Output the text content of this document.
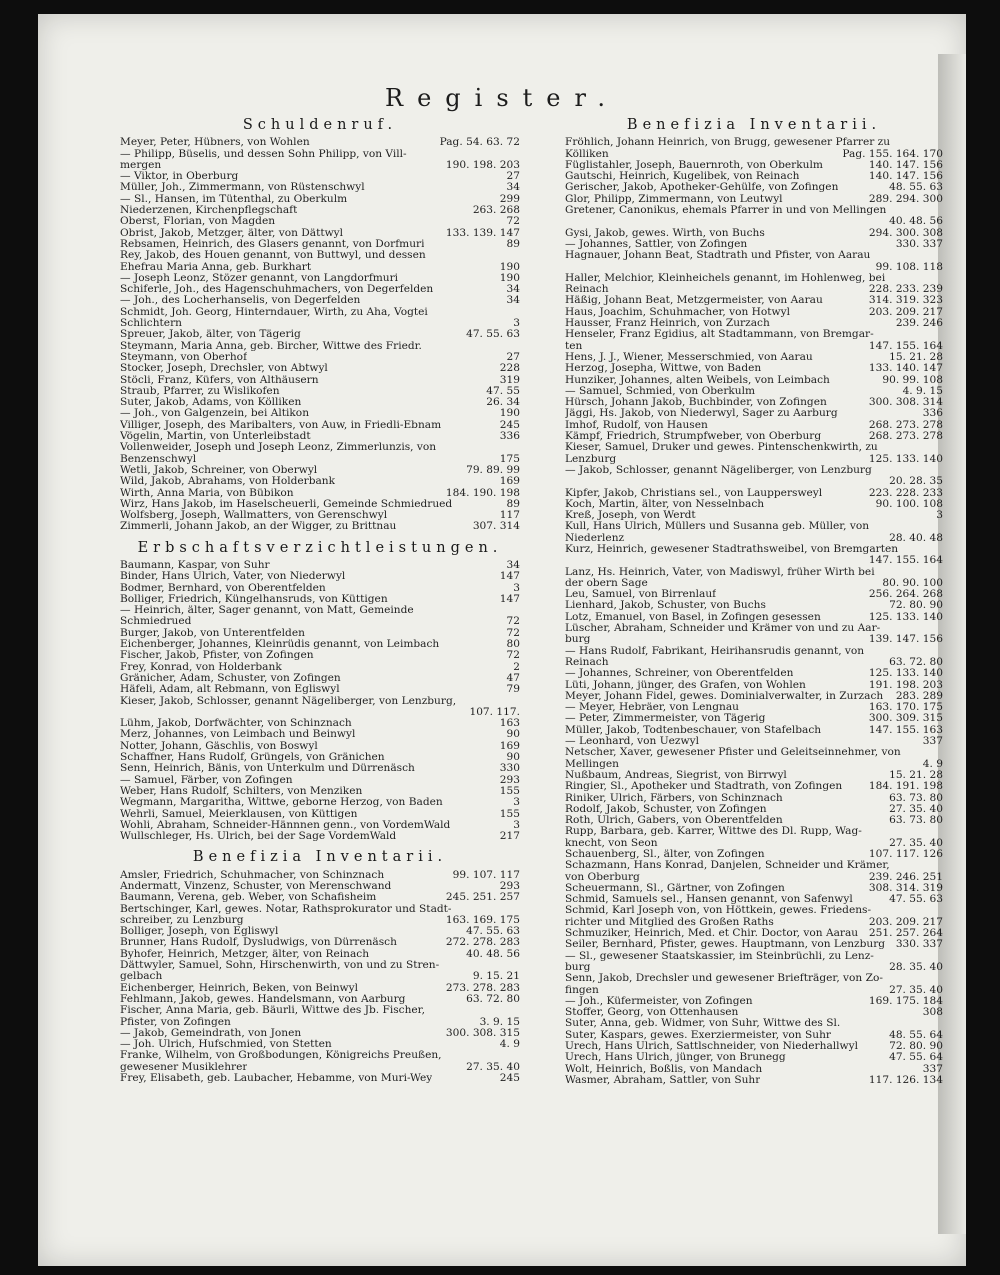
Register.
Schuldenruf.
Meyer, Peter, Hübners, von Wohlen	Pag. 54. 63. 72
— Philipp, Büselis, und dessen Sohn Philipp, von Vill-
mergen	190. 198. 203
— Viktor, in Oberburg	27
Müller, Joh., Zimmermann, von Rüstenschwyl	34
— Sl., Hansen, im Tütenthal, zu Oberkulm	299
Niederzenen, Kirchenpflegschaft	263. 268
Oberst, Florian, von Magden	72
Obrist, Jakob, Metzger, älter, von Dättwyl	133. 139. 147
Rebsamen, Heinrich, des Glasers genannt, von Dorfmuri	89
Rey, Jakob, des Houen genannt, von Buttwyl, und dessen
Ehefrau Maria Anna, geb. Burkhart	190
— Joseph Leonz, Stözer genannt, von Langdorfmuri	190
Schiferle, Joh., des Hagenschuhmachers, von Degerfelden	34
— Joh., des Locherhanselis, von Degerfelden	34
Schmidt, Joh. Georg, Hinterndauer, Wirth, zu Aha, Vogtei
Schlichtern	3
Spreuer, Jakob, älter, von Tägerig	47. 55. 63
Steymann, Maria Anna, geb. Bircher, Wittwe des Friedr.
Steymann, von Oberhof	27
Stocker, Joseph, Drechsler, von Abtwyl	228
Stöcli, Franz, Küfers, von Althäusern	319
Straub, Pfarrer, zu Wislikofen	47. 55
Suter, Jakob, Adams, von Kölliken	26. 34
— Joh., von Galgenzein, bei Altikon	190
Villiger, Joseph, des Maribalters, von Auw, in Friedli-Ebnam	245
Vögelin, Martin, von Unterleibstadt	336
Vollenweider, Joseph und Joseph Leonz, Zimmerlunzis, von
Benzenschwyl	175
Wetli, Jakob, Schreiner, von Oberwyl	79. 89. 99
Wild, Jakob, Abrahams, von Holderbank	169
Wirth, Anna Maria, von Bübikon	184. 190. 198
Wirz, Hans Jakob, im Haselscheuerli, Gemeinde Schmiedrued	89
Wolfsberg, Joseph, Wallmatters, von Gerenschwyl	117
Zimmerli, Johann Jakob, an der Wigger, zu Brittnau	307. 314
Erbschaftsverzichtleistungen.
Baumann, Kaspar, von Suhr	34
Binder, Hans Ulrich, Vater, von Niederwyl	147
Bodmer, Bernhard, von Oberentfelden	3
Bolliger, Friedrich, Küngelhansruds, von Küttigen	147
— Heinrich, älter, Sager genannt, von Matt, Gemeinde
Schmiedrued	72
Burger, Jakob, von Unterentfelden	72
Eichenberger, Johannes, Kleinrüdis genannt, von Leimbach	80
Fischer, Jakob, Pfister, von Zofingen	72
Frey, Konrad, von Holderbank	2
Gränicher, Adam, Schuster, von Zofingen	47
Häfeli, Adam, alt Rebmann, von Egliswyl	79
Kieser, Jakob, Schlosser, genannt Nägeliberger, von Lenzburg,
107. 117.
Lühm, Jakob, Dorfwächter, von Schinznach	163
Merz, Johannes, von Leimbach und Beinwyl	90
Notter, Johann, Gäschlis, von Boswyl	169
Schaffner, Hans Rudolf, Grüngels, von Gränichen	90
Senn, Heinrich, Bänis, von Unterkulm und Dürrenäsch	330
— Samuel, Färber, von Zofingen	293
Weber, Hans Rudolf, Schilters, von Menziken	155
Wegmann, Margaritha, Wittwe, geborne Herzog, von Baden	3
Wehrli, Samuel, Meierklausen, von Küttigen	155
Wohli, Abraham, Schneider-Hännnen genn., von VordemWald	3
Wullschleger, Hs. Ulrich, bei der Sage VordemWald	217
Benefizia Inventarii.
Amsler, Friedrich, Schuhmacher, von Schinznach	99. 107. 117
Andermatt, Vinzenz, Schuster, von Merenschwand	293
Baumann, Verena, geb. Weber, von Schafisheim	245. 251. 257
Bertschinger, Karl, gewes. Notar, Rathsprokurator und Stadt-
schreiber, zu Lenzburg	163. 169. 175
Bolliger, Joseph, von Egliswyl	47. 55. 63
Brunner, Hans Rudolf, Dysludwigs, von Dürrenäsch	272. 278. 283
Byhofer, Heinrich, Metzger, älter, von Reinach	40. 48. 56
Dättwyler, Samuel, Sohn, Hirschenwirth, von und zu Stren-
gelbach	9. 15. 21
Eichenberger, Heinrich, Beken, von Beinwyl	273. 278. 283
Fehlmann, Jakob, gewes. Handelsmann, von Aarburg	63. 72. 80
Fischer, Anna Maria, geb. Bäurli, Wittwe des Jb. Fischer,
Pfister, von Zofingen	3. 9. 15
— Jakob, Gemeindrath, von Jonen	300. 308. 315
— Joh. Ulrich, Hufschmied, von Stetten	4. 9
Franke, Wilhelm, von Großbodungen, Königreichs Preußen,
gewesener Musiklehrer	27. 35. 40
Frey, Elisabeth, geb. Laubacher, Hebamme, von Muri-Wey	245
Benefizia Inventarii.
Fröhlich, Johann Heinrich, von Brugg, gewesener Pfarrer zu
Kölliken	Pag. 155. 164. 170
Füglistahler, Joseph, Bauernroth, von Oberkulm	140. 147. 156
Gautschi, Heinrich, Kugelibek, von Reinach	140. 147. 156
Gerischer, Jakob, Apotheker-Gehülfe, von Zofingen	48. 55. 63
Glor, Philipp, Zimmermann, von Leutwyl	289. 294. 300
Gretener, Canonikus, ehemals Pfarrer in und von Mellingen
40. 48. 56
Gysi, Jakob, gewes. Wirth, von Buchs	294. 300. 308
— Johannes, Sattler, von Zofingen	330. 337
Hagnauer, Johann Beat, Stadtrath und Pfister, von Aarau
99. 108. 118
Haller, Melchior, Kleinheichels genannt, im Hohlenweg, bei
Reinach	228. 233. 239
Häßig, Johann Beat, Metzgermeister, von Aarau	314. 319. 323
Haus, Joachim, Schuhmacher, von Hotwyl	203. 209. 217
Hausser, Franz Heinrich, von Zurzach	239. 246
Henseler, Franz Egidius, alt Stadtammann, von Bremgar-
ten	147. 155. 164
Hens, J. J., Wiener, Messerschmied, von Aarau	15. 21. 28
Herzog, Josepha, Wittwe, von Baden	133. 140. 147
Hunziker, Johannes, alten Weibels, von Leimbach	90. 99. 108
— Samuel, Schmied, von Oberkulm	4. 9. 15
Hürsch, Johann Jakob, Buchbinder, von Zofingen	300. 308. 314
Jäggi, Hs. Jakob, von Niederwyl, Sager zu Aarburg	336
Imhof, Rudolf, von Hausen	268. 273. 278
Kämpf, Friedrich, Strumpfweber, von Oberburg	268. 273. 278
Kieser, Samuel, Druker und gewes. Pintenschenkwirth, zu
Lenzburg	125. 133. 140
— Jakob, Schlosser, genannt Nägeliberger, von Lenzburg
20. 28. 35
Kipfer, Jakob, Christians sel., von Lauppersweyl	223. 228. 233
Koch, Martin, älter, von Nesselnbach	90. 100. 108
Kreß, Joseph, von Werdt	3
Kull, Hans Ulrich, Müllers und Susanna geb. Müller, von
Niederlenz	28. 40. 48
Kurz, Heinrich, gewesener Stadtrathsweibel, von Bremgarten
147. 155. 164
Lanz, Hs. Heinrich, Vater, von Madiswyl, früher Wirth bei
der obern Sage	80. 90. 100
Leu, Samuel, von Birrenlauf	256. 264. 268
Lienhard, Jakob, Schuster, von Buchs	72. 80. 90
Lotz, Emanuel, von Basel, in Zofingen gesessen	125. 133. 140
Lüscher, Abraham, Schneider und Krämer von und zu Aar-
burg	139. 147. 156
— Hans Rudolf, Fabrikant, Heirihansrudis genannt, von
Reinach	63. 72. 80
— Johannes, Schreiner, von Oberentfelden	125. 133. 140
Lüti, Johann, jünger, des Grafen, von Wohlen	191. 198. 203
Meyer, Johann Fidel, gewes. Dominialverwalter, in Zurzach	283. 289
— Meyer, Hebräer, von Lengnau	163. 170. 175
— Peter, Zimmermeister, von Tägerig	300. 309. 315
Müller, Jakob, Todtenbeschauer, von Stafelbach	147. 155. 163
— Leonhard, von Uezwyl	337
Netscher, Xaver, gewesener Pfister und Geleitseinnehmer, von
Mellingen	4. 9
Nußbaum, Andreas, Siegrist, von Birrwyl	15. 21. 28
Ringier, Sl., Apotheker und Stadtrath, von Zofingen	184. 191. 198
Riniker, Ulrich, Färbers, von Schinznach	63. 73. 80
Rodolf, Jakob, Schuster, von Zofingen	27. 35. 40
Roth, Ulrich, Gabers, von Oberentfelden	63. 73. 80
Rupp, Barbara, geb. Karrer, Wittwe des Dl. Rupp, Wag-
knecht, von Seon	27. 35. 40
Schauenberg, Sl., älter, von Zofingen	107. 117. 126
Schazmann, Hans Konrad, Danjelen, Schneider und Krämer,
von Oberburg	239. 246. 251
Scheuermann, Sl., Gärtner, von Zofingen	308. 314. 319
Schmid, Samuels sel., Hansen genannt, von Safenwyl	47. 55. 63
Schmid, Karl Joseph von, von Höttkein, gewes. Friedens-
richter und Mitglied des Großen Raths	203. 209. 217
Schmuziker, Heinrich, Med. et Chir. Doctor, von Aarau	251. 257. 264
Seiler, Bernhard, Pfister, gewes. Hauptmann, von Lenzburg	330. 337
— Sl., gewesener Staatskassier, im Steinbrüchli, zu Lenz-
burg	28. 35. 40
Senn, Jakob, Drechsler und gewesener Briefträger, von Zo-
fingen	27. 35. 40
— Joh., Küfermeister, von Zofingen	169. 175. 184
Stoffer, Georg, von Ottenhausen	308
Suter, Anna, geb. Widmer, von Suhr, Wittwe des Sl.
Suter, Kaspars, gewes. Exerziermeister, von Suhr	48. 55. 64
Urech, Hans Ulrich, Sattlschneider, von Niederhallwyl	72. 80. 90
Urech, Hans Ulrich, jünger, von Brunegg	47. 55. 64
Wolt, Heinrich, Boßlis, von Mandach	337
Wasmer, Abraham, Sattler, von Suhr	117. 126. 134
